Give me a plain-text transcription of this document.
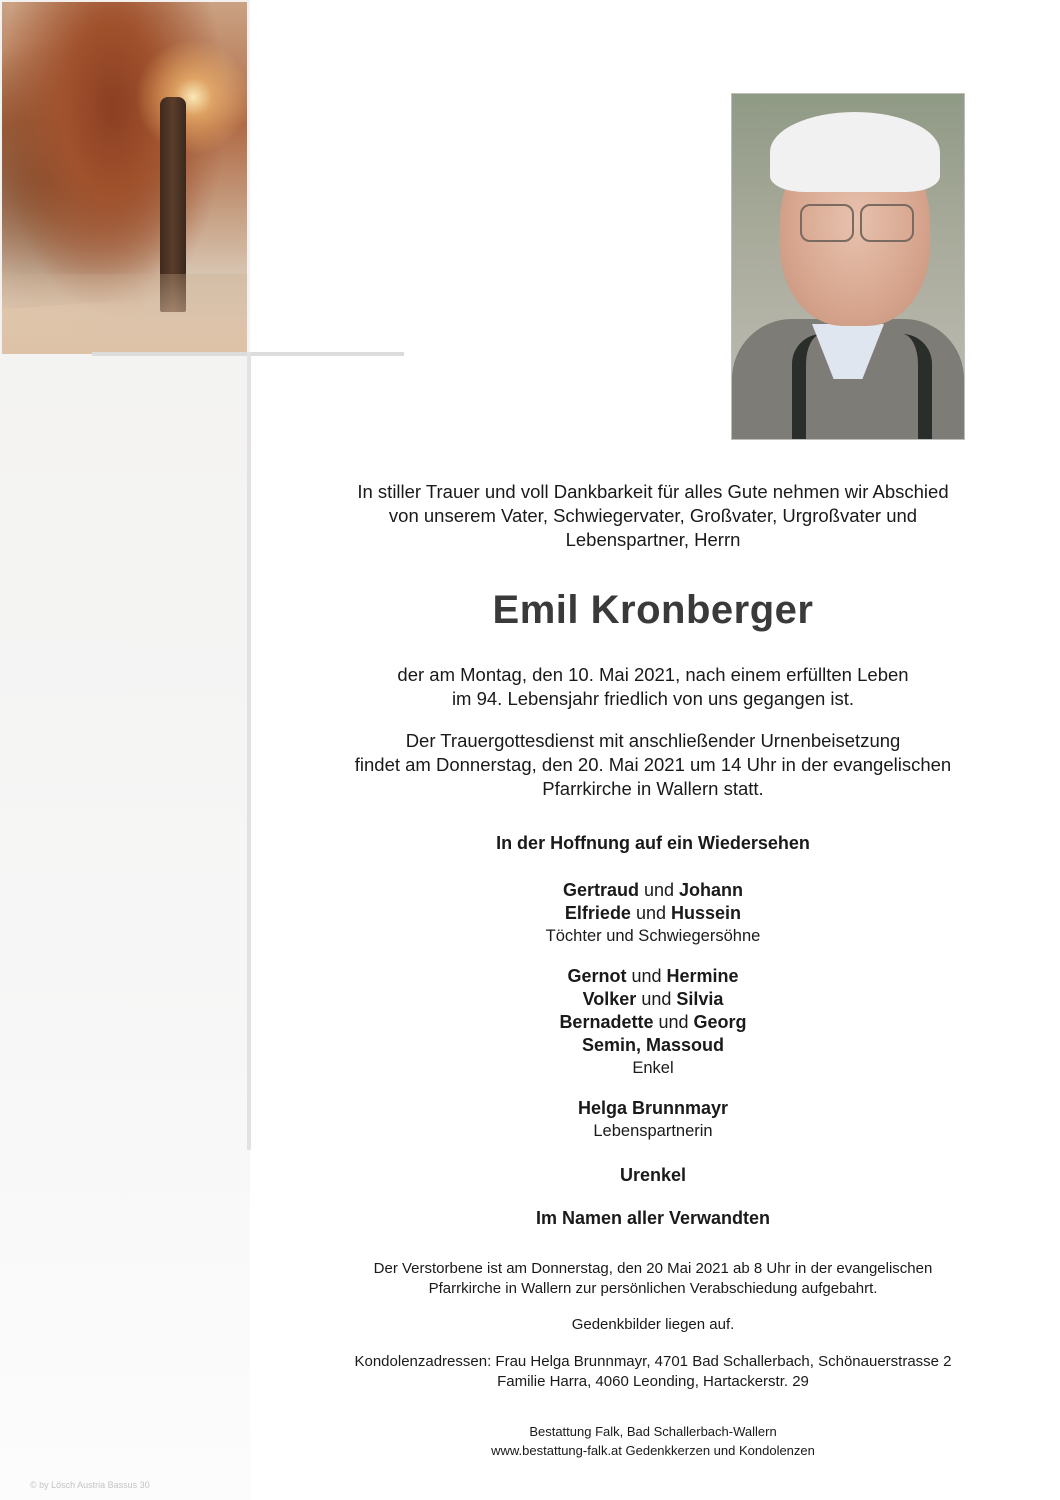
In stiller Trauer und voll Dankbarkeit für alles Gute nehmen wir Abschied

von unserem Vater, Schwiegervater, Großvater, Urgroßvater und

Lebenspartner, Herrn

Emil Kronberger

der am Montag, den 10. Mai 2021, nach einem erfüllten Leben

im 94. Lebensjahr friedlich von uns gegangen ist.

Der Trauergottesdienst mit anschließender Urnenbeisetzung

findet am Donnerstag, den 20. Mai 2021 um 14 Uhr in der evangelischen

Pfarrkirche in Wallern statt.

In der Hoffnung auf ein Wiedersehen

Gertraud und Johann

Elfriede und Hussein

Töchter und Schwiegersöhne

Gernot und Hermine

Volker und Silvia

Bernadette und Georg

Semin, Massoud

Enkel

Helga Brunnmayr

Lebenspartnerin

Urenkel

Im Namen aller Verwandten

Der Verstorbene ist am Donnerstag, den 20 Mai 2021 ab 8 Uhr in der evangelischen

Pfarrkirche in Wallern zur persönlichen Verabschiedung aufgebahrt.

Gedenkbilder liegen auf.

Kondolenzadressen: Frau Helga Brunnmayr, 4701 Bad Schallerbach, Schönauerstrasse 2

Familie Harra, 4060 Leonding, Hartackerstr. 29

Bestattung Falk, Bad Schallerbach-Wallern

www.bestattung-falk.at Gedenkkerzen und Kondolenzen

© by Lösch Austria Bassus 30
